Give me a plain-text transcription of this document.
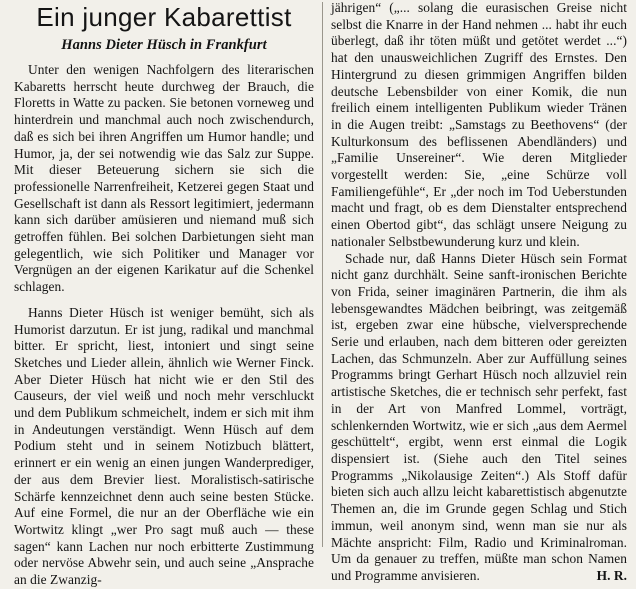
Ein junger Kabarettist
Hanns Dieter Hüsch in Frankfurt

Unter den wenigen Nachfolgern des literarischen Kabaretts herrscht heute durchweg der Brauch, die Floretts in Watte zu packen. Sie betonen vorneweg und hinterdrein und manchmal auch noch zwischendurch, daß es sich bei ihren Angriffen um Humor handle; und Humor, ja, der sei notwendig wie das Salz zur Suppe. Mit dieser Beteuerung sichern sie sich die professionelle Narrenfreiheit, Ketzerei gegen Staat und Gesellschaft ist dann als Ressort legitimiert, jedermann kann sich darüber amüsieren und niemand muß sich getroffen fühlen. Bei solchen Darbietungen sieht man gelegentlich, wie sich Politiker und Manager vor Vergnügen an der eigenen Karikatur auf die Schenkel schlagen.

Hanns Dieter Hüsch ist weniger bemüht, sich als Humorist darzutun. Er ist jung, radikal und manchmal bitter. Er spricht, liest, intoniert und singt seine Sketches und Lieder allein, ähnlich wie Werner Finck. Aber Dieter Hüsch hat nicht wie er den Stil des Causeurs, der viel weiß und noch mehr verschluckt und dem Publikum schmeichelt, indem er sich mit ihm in Andeutungen verständigt. Wenn Hüsch auf dem Podium steht und in seinem Notizbuch blättert, erinnert er ein wenig an einen jungen Wanderprediger, der aus dem Brevier liest. Moralistisch-satirische Schärfe kennzeichnet denn auch seine besten Stücke. Auf eine Formel, die nur an der Oberfläche wie ein Wortwitz klingt „wer Pro sagt muß auch — these sagen“ kann Lachen nur noch erbitterte Zustimmung oder nervöse Abwehr sein, und auch seine „Ansprache an die Zwanzig-

jährigen“ („... solang die eurasischen Greise nicht selbst die Knarre in der Hand nehmen ... habt ihr euch überlegt, daß ihr töten müßt und getötet werdet ...“) hat den unausweichlichen Zugriff des Ernstes. Den Hintergrund zu diesen grimmigen Angriffen bilden deutsche Lebensbilder von einer Komik, die nun freilich einem intelligenten Publikum wieder Tränen in die Augen treibt: „Samstags zu Beethovens“ (der Kulturkonsum des beflissenen Abendländers) und „Familie Unsereiner“. Wie deren Mitglieder vorgestellt werden: Sie, „eine Schürze voll Familiengefühle“, Er „der noch im Tod Ueberstunden macht und fragt, ob es dem Dienstalter entsprechend einen Obertod gibt“, das schlägt unsere Neigung zu nationaler Selbstbewunderung kurz und klein.

Schade nur, daß Hanns Dieter Hüsch sein Format nicht ganz durchhält. Seine sanft-ironischen Berichte von Frida, seiner imaginären Partnerin, die ihm als lebensgewandtes Mädchen beibringt, was zeitgemäß ist, ergeben zwar eine hübsche, vielversprechende Serie und erlauben, nach dem bitteren oder gereizten Lachen, das Schmunzeln. Aber zur Auffüllung seines Programms bringt Gerhart Hüsch noch allzuviel rein artistische Sketches, die er technisch sehr perfekt, fast in der Art von Manfred Lommel, vorträgt, schlenkernden Wortwitz, wie er sich „aus dem Aermel geschüttelt“, ergibt, wenn erst einmal die Logik dispensiert ist. (Siehe auch den Titel seines Programms „Nikolausige Zeiten“.) Als Stoff dafür bieten sich auch allzu leicht kabarettistisch abgenutzte Themen an, die im Grunde gegen Schlag und Stich immun, weil anonym sind, wenn man sie nur als Mächte anspricht: Film, Radio und Kriminalroman. Um da genauer zu treffen, müßte man schon Namen und Programme anvisieren.	H. R.
